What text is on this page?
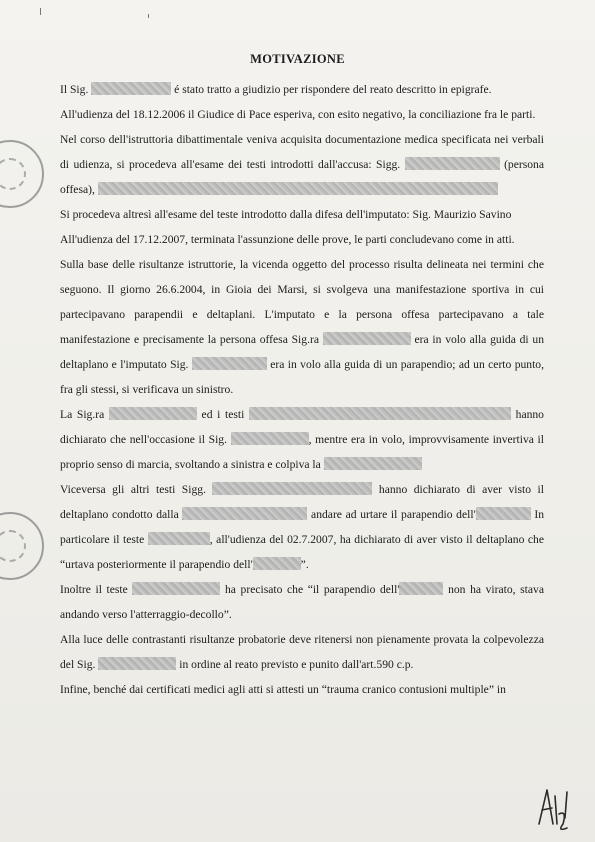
MOTIVAZIONE

Il Sig.	é stato tratto a giudizio per rispondere del reato descritto in epigrafe.

All'udienza del 18.12.2006 il Giudice di Pace esperiva, con esito negativo, la conciliazione fra le parti.

Nel corso dell'istruttoria dibattimentale veniva acquisita documentazione medica specificata nei verbali di udienza, si procedeva all'esame dei testi introdotti dall'accusa: Sigg.	(persona offesa),

Si procedeva altresì all'esame del teste introdotto dalla difesa dell'imputato: Sig. Maurizio Savino

All'udienza del 17.12.2007, terminata l'assunzione delle prove, le parti concludevano come in atti.

Sulla base delle risultanze istruttorie, la vicenda oggetto del processo risulta delineata nei termini che seguono. Il giorno 26.6.2004, in Gioia dei Marsi, si svolgeva una manifestazione sportiva in cui partecipavano parapendii e deltaplani. L'imputato e la persona offesa partecipavano a tale manifestazione e precisamente la persona offesa Sig.ra	era in volo alla guida di un deltaplano e l'imputato Sig.	era in volo alla guida di un parapendio; ad un certo punto, fra gli stessi, si verificava un sinistro.

La Sig.ra	ed i testi	hanno dichiarato che nell'occasione il Sig.	, mentre era in volo, improvvisamente invertiva il proprio senso di marcia, svoltando a sinistra e colpiva la

Viceversa gli altri testi Sigg.	hanno dichiarato di aver visto il deltaplano condotto dalla	andare ad urtare il parapendio dell'	In particolare il teste	, all'udienza del 02.7.2007, ha dichiarato di aver visto il deltaplano che “urtava posteriormente il parapendio dell'	”.

Inoltre il teste	ha precisato che “il parapendio dell'	non ha virato, stava andando verso l'atterraggio-decollo”.

Alla luce delle contrastanti risultanze probatorie deve ritenersi non pienamente provata la colpevolezza del Sig.	in ordine al reato previsto e punito dall'art.590 c.p.

Infine, benché dai certificati medici agli atti si attesti un “trauma cranico contusioni multiple” in
